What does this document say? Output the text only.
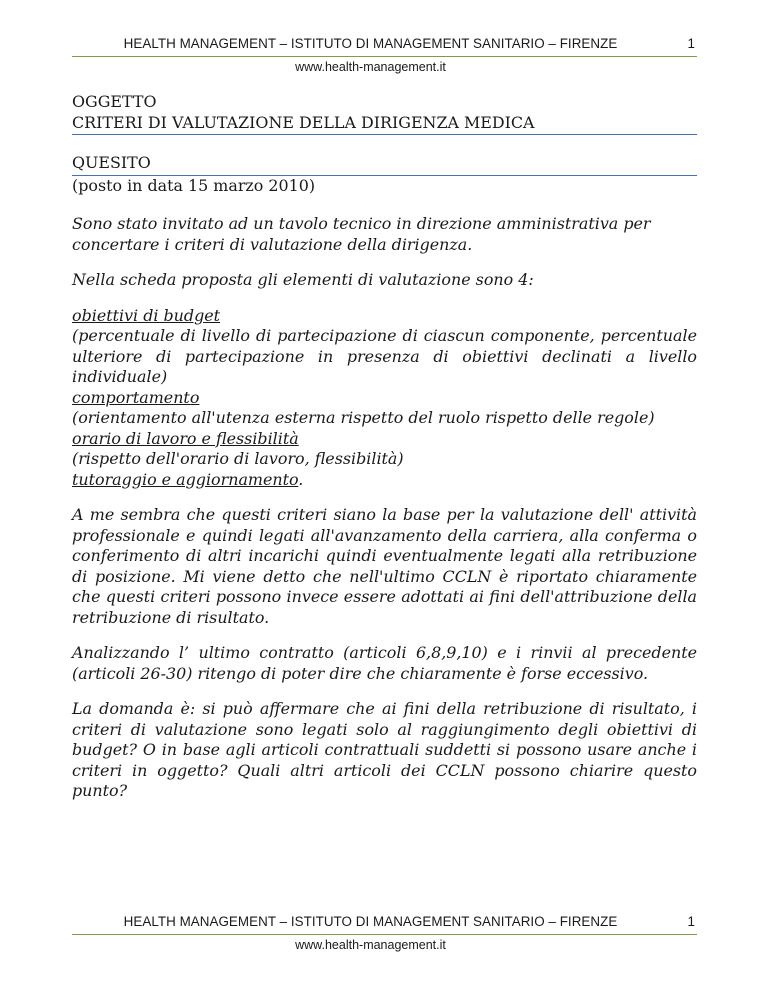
HEALTH MANAGEMENT – ISTITUTO DI MANAGEMENT SANITARIO – FIRENZE	1
www.health-management.it

OGGETTO

CRITERI DI VALUTAZIONE DELLA DIRIGENZA MEDICA

QUESITO

(posto in data 15 marzo 2010)

Sono stato invitato ad un tavolo tecnico in direzione amministrativa per concertare i criteri di valutazione della dirigenza.

Nella scheda proposta gli elementi di valutazione sono 4:

obiettivi di budget

(percentuale di livello di partecipazione di ciascun componente, percentuale ulteriore di partecipazione in presenza di obiettivi declinati a livello individuale)

comportamento

(orientamento all'utenza esterna rispetto del ruolo rispetto delle regole)

orario di lavoro e flessibilità

(rispetto dell'orario di lavoro, flessibilità)

tutoraggio e aggiornamento.

A me sembra che questi criteri siano la base per la valutazione dell' attività professionale e quindi legati all'avanzamento della carriera, alla conferma o conferimento di altri incarichi quindi eventualmente legati alla retribuzione di posizione. Mi viene detto che nell'ultimo CCLN è riportato chiaramente che questi criteri possono invece essere adottati ai fini dell'attribuzione della retribuzione di risultato.

Analizzando l’ ultimo contratto (articoli 6,8,9,10) e i rinvii al precedente (articoli 26-30) ritengo di poter dire che chiaramente è forse eccessivo.

La domanda è: si può affermare che ai fini della retribuzione di risultato, i criteri di valutazione sono legati solo al raggiungimento degli obiettivi di budget? O in base agli articoli contrattuali suddetti si possono usare anche i criteri in oggetto? Quali altri articoli dei CCLN possono chiarire questo punto?

HEALTH MANAGEMENT – ISTITUTO DI MANAGEMENT SANITARIO – FIRENZE	1
www.health-management.it
